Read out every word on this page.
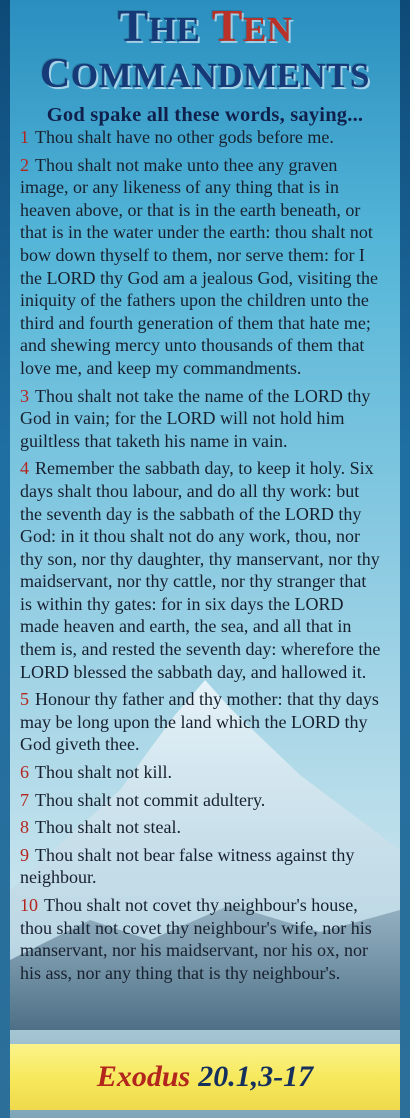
THE TEN
COMMANDMENTS
God spake all these words, saying...
1 Thou shalt have no other gods before me.
2 Thou shalt not make unto thee any graven image, or any likeness of any thing that is in heaven above, or that is in the earth beneath, or that is in the water under the earth: thou shalt not bow down thyself to them, nor serve them: for I the LORD thy God am a jealous God, visiting the iniquity of the fathers upon the children unto the third and fourth generation of them that hate me; and shewing mercy unto thousands of them that love me, and keep my commandments.
3 Thou shalt not take the name of the LORD thy God in vain; for the LORD will not hold him guiltless that taketh his name in vain.
4 Remember the sabbath day, to keep it holy. Six days shalt thou labour, and do all thy work: but the seventh day is the sabbath of the LORD thy God: in it thou shalt not do any work, thou, nor thy son, nor thy daughter, thy manservant, nor thy maidservant, nor thy cattle, nor thy stranger that is within thy gates: for in six days the LORD made heaven and earth, the sea, and all that in them is, and rested the seventh day: wherefore the LORD blessed the sabbath day, and hallowed it.
5 Honour thy father and thy mother: that thy days may be long upon the land which the LORD thy God giveth thee.
6 Thou shalt not kill.
7 Thou shalt not commit adultery.
8 Thou shalt not steal.
9 Thou shalt not bear false witness against thy neighbour.
10 Thou shalt not covet thy neighbour's house, thou shalt not covet thy neighbour's wife, nor his manservant, nor his maidservant, nor his ox, nor his ass, nor any thing that is thy neighbour's.
Exodus 20.1,3-17
